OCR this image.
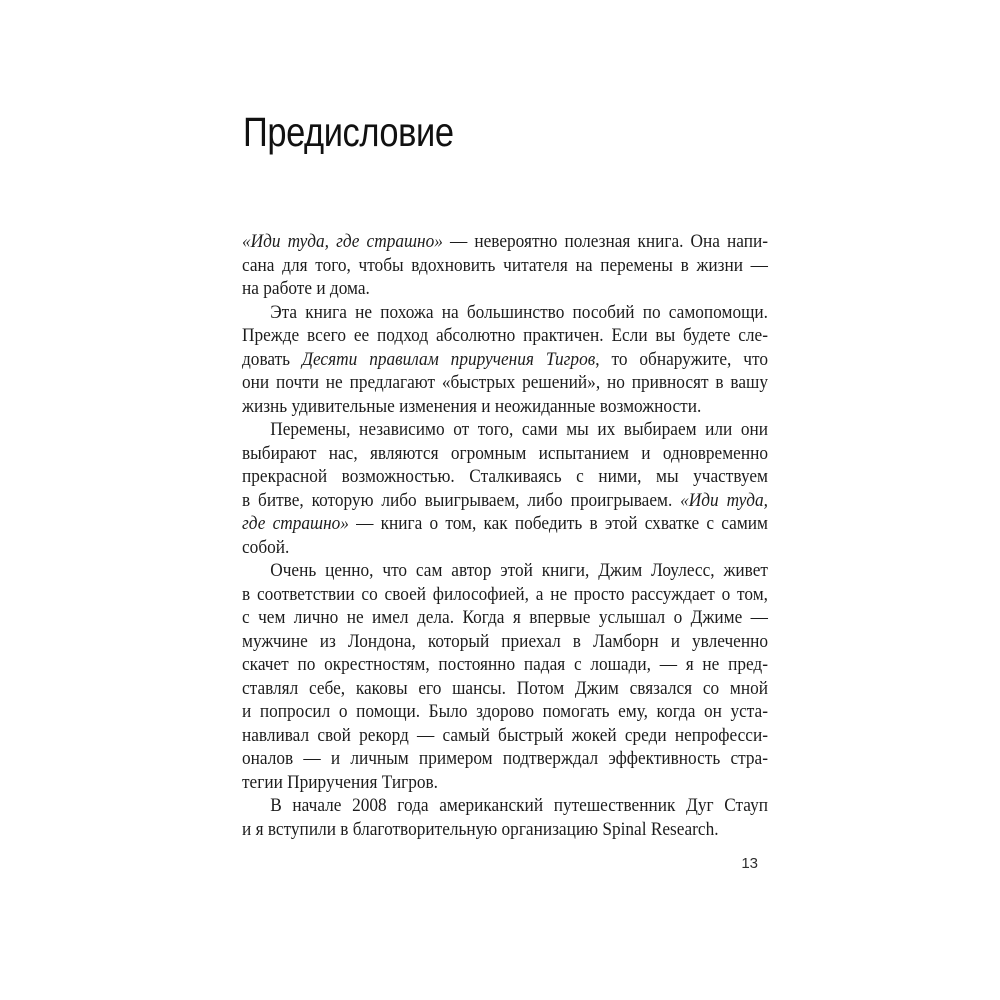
Предисловие
«Иди туда, где страшно» — невероятно полезная книга. Она напи-
сана для того, чтобы вдохновить читателя на перемены в жизни —
на работе и дома.
Эта книга не похожа на большинство пособий по самопомощи.
Прежде всего ее подход абсолютно практичен. Если вы будете сле-
довать Десяти правилам приручения Тигров, то обнаружите, что
они почти не предлагают «быстрых решений», но привносят в вашу
жизнь удивительные изменения и неожиданные возможности.
Перемены, независимо от того, сами мы их выбираем или они
выбирают нас, являются огромным испытанием и одновременно
прекрасной возможностью. Сталкиваясь с ними, мы участвуем
в битве, которую либо выигрываем, либо проигрываем. «Иди туда,
где страшно» — книга о том, как победить в этой схватке с самим
собой.
Очень ценно, что сам автор этой книги, Джим Лоулесс, живет
в соответствии со своей философией, а не просто рассуждает о том,
с чем лично не имел дела. Когда я впервые услышал о Джиме —
мужчине из Лондона, который приехал в Ламборн и увлеченно
скачет по окрестностям, постоянно падая с лошади, — я не пред-
ставлял себе, каковы его шансы. Потом Джим связался со мной
и попросил о помощи. Было здорово помогать ему, когда он уста-
навливал свой рекорд — самый быстрый жокей среди непрофесси-
оналов — и личным примером подтверждал эффективность стра-
тегии Приручения Тигров.
В начале 2008 года американский путешественник Дуг Стауп
и я вступили в благотворительную организацию Spinal Research.
13
